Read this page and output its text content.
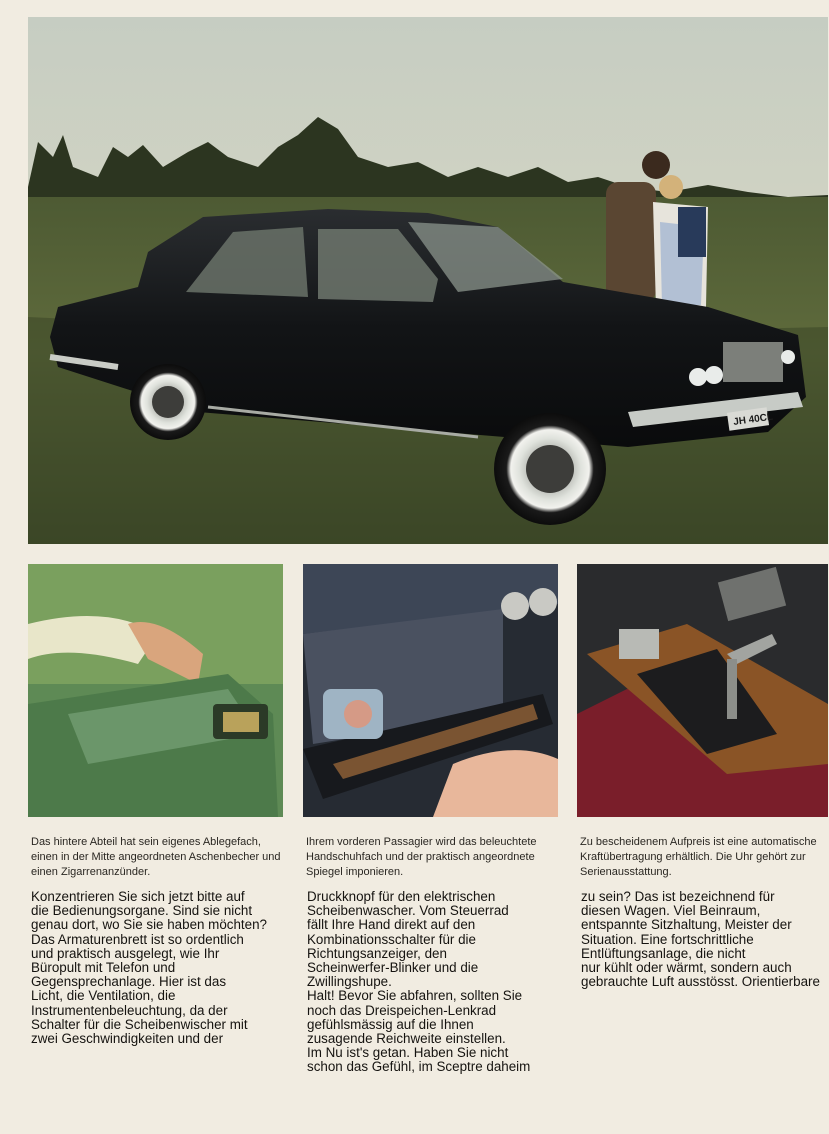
JH 40CL
Das hintere Abteil hat sein eigenes Ablegefach, einen in der Mitte angeordneten Aschenbecher und einen Zigarrenanzünder.
Ihrem vorderen Passagier wird das beleuchtete Handschuhfach und der praktisch angeordnete Spiegel imponieren.
Zu bescheidenem Aufpreis ist eine automatische Kraftübertragung erhältlich. Die Uhr gehört zur Serienausstattung.
Konzentrieren Sie sich jetzt bitte auf
die Bedienungsorgane. Sind sie nicht
genau dort, wo Sie sie haben möchten?
Das Armaturenbrett ist so ordentlich
und praktisch ausgelegt, wie Ihr
Büropult mit Telefon und
Gegensprechanlage. Hier ist das
Licht, die Ventilation, die
Instrumentenbeleuchtung, da der
Schalter für die Scheibenwischer mit
zwei Geschwindigkeiten und der
Druckknopf für den elektrischen
Scheibenwascher. Vom Steuerrad
fällt Ihre Hand direkt auf den
Kombinationsschalter für die
Richtungsanzeiger, den
Scheinwerfer-Blinker und die
Zwillingshupe.
Halt! Bevor Sie abfahren, sollten Sie
noch das Dreispeichen-Lenkrad
gefühlsmässig auf die Ihnen
zusagende Reichweite einstellen.
Im Nu ist's getan. Haben Sie nicht
schon das Gefühl, im Sceptre daheim
zu sein? Das ist bezeichnend für
diesen Wagen. Viel Beinraum,
entspannte Sitzhaltung, Meister der
Situation. Eine fortschrittliche
Entlüftungsanlage, die nicht
nur kühlt oder wärmt, sondern auch
gebrauchte Luft ausstösst. Orientierbare
